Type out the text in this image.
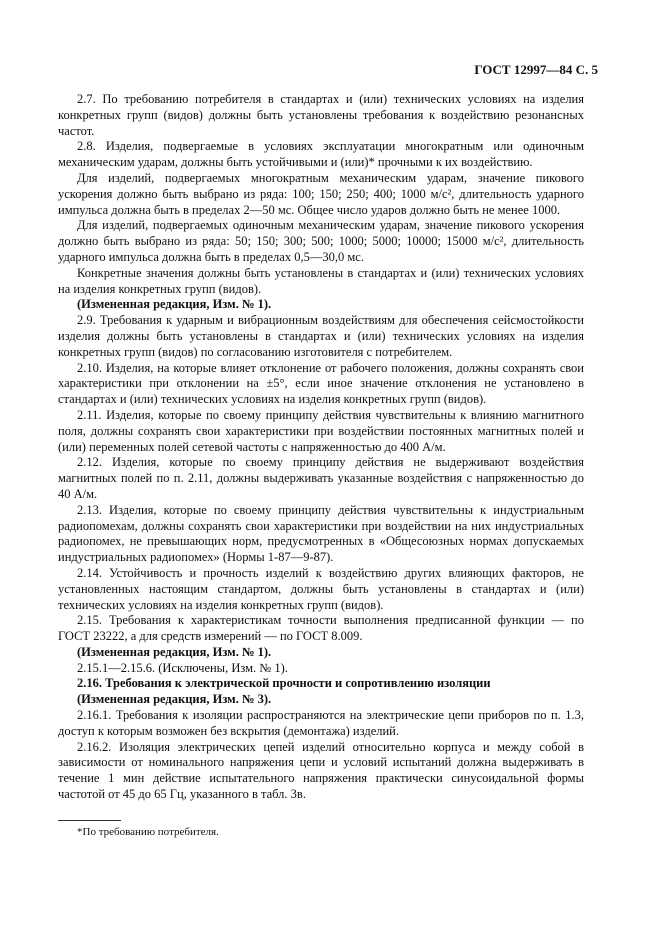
ГОСТ 12997—84 С. 5

2.7. По требованию потребителя в стандартах и (или) технических условиях на изделия конкретных групп (видов) должны быть установлены требования к воздействию резонансных частот.

2.8. Изделия, подвергаемые в условиях эксплуатации многократным или одиночным механическим ударам, должны быть устойчивыми и (или)* прочными к их воздействию.

Для изделий, подвергаемых многократным механическим ударам, значение пикового ускорения должно быть выбрано из ряда: 100; 150; 250; 400; 1000 м/с², длительность ударного импульса должна быть в пределах 2—50 мс. Общее число ударов должно быть не менее 1000.

Для изделий, подвергаемых одиночным механическим ударам, значение пикового ускорения должно быть выбрано из ряда: 50; 150; 300; 500; 1000; 5000; 10000; 15000 м/с², длительность ударного импульса должна быть в пределах 0,5—30,0 мс.

Конкретные значения должны быть установлены в стандартах и (или) технических условиях на изделия конкретных групп (видов).

(Измененная редакция, Изм. № 1).

2.9. Требования к ударным и вибрационным воздействиям для обеспечения сейсмостойкости изделия должны быть установлены в стандартах и (или) технических условиях на изделия конкретных групп (видов) по согласованию изготовителя с потребителем.

2.10. Изделия, на которые влияет отклонение от рабочего положения, должны сохранять свои характеристики при отклонении на ±5°, если иное значение отклонения не установлено в стандартах и (или) технических условиях на изделия конкретных групп (видов).

2.11. Изделия, которые по своему принципу действия чувствительны к влиянию магнитного поля, должны сохранять свои характеристики при воздействии постоянных магнитных полей и (или) переменных полей сетевой частоты с напряженностью до 400 А/м.

2.12. Изделия, которые по своему принципу действия не выдерживают воздействия магнитных полей по п. 2.11, должны выдерживать указанные воздействия с напряженностью до 40 А/м.

2.13. Изделия, которые по своему принципу действия чувствительны к индустриальным радиопомехам, должны сохранять свои характеристики при воздействии на них индустриальных радиопомех, не превышающих норм, предусмотренных в «Общесоюзных нормах допускаемых индустриальных радиопомех» (Нормы 1-87—9-87).

2.14. Устойчивость и прочность изделий к воздействию других влияющих факторов, не установленных настоящим стандартом, должны быть установлены в стандартах и (или) технических условиях на изделия конкретных групп (видов).

2.15. Требования к характеристикам точности выполнения предписанной функции — по ГОСТ 23222, а для средств измерений — по ГОСТ 8.009.

(Измененная редакция, Изм. № 1).

2.15.1—2.15.6. (Исключены, Изм. № 1).

2.16. Требования к электрической прочности и сопротивлению изоляции

(Измененная редакция, Изм. № 3).

2.16.1. Требования к изоляции распространяются на электрические цепи приборов по п. 1.3, доступ к которым возможен без вскрытия (демонтажа) изделий.

2.16.2. Изоляция электрических цепей изделий относительно корпуса и между собой в зависимости от номинального напряжения цепи и условий испытаний должна выдерживать в течение 1 мин действие испытательного напряжения практически синусоидальной формы частотой от 45 до 65 Гц, указанного в табл. 3в.

*По требованию потребителя.
